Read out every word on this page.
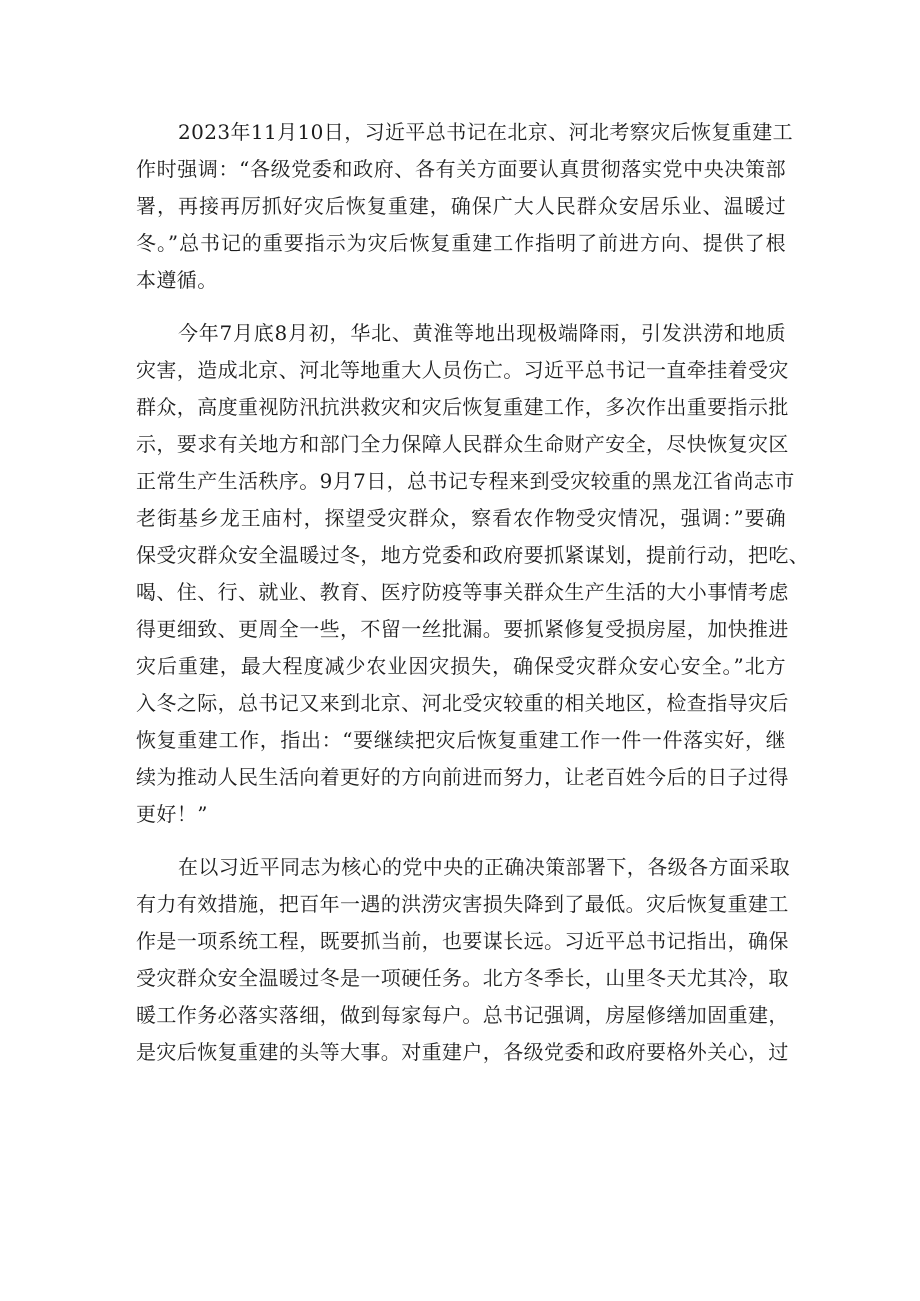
2023年11月10日，习近平总书记在北京、河北考察灾后恢复重建工
作时强调：“各级党委和政府、各有关方面要认真贯彻落实党中央决策部
署，再接再厉抓好灾后恢复重建，确保广大人民群众安居乐业、温暖过
冬。”总书记的重要指示为灾后恢复重建工作指明了前进方向、提供了根
本遵循。
今年7月底8月初，华北、黄淮等地出现极端降雨，引发洪涝和地质
灾害，造成北京、河北等地重大人员伤亡。习近平总书记一直牵挂着受灾
群众，高度重视防汛抗洪救灾和灾后恢复重建工作，多次作出重要指示批
示，要求有关地方和部门全力保障人民群众生命财产安全，尽快恢复灾区
正常生产生活秩序。9月7日，总书记专程来到受灾较重的黑龙江省尚志市
老街基乡龙王庙村，探望受灾群众，察看农作物受灾情况，强调：”要确
保受灾群众安全温暖过冬，地方党委和政府要抓紧谋划，提前行动，把吃、
喝、住、行、就业、教育、医疗防疫等事关群众生产生活的大小事情考虑
得更细致、更周全一些，不留一丝批漏。要抓紧修复受损房屋，加快推进
灾后重建，最大程度减少农业因灾损失，确保受灾群众安心安全。”北方
入冬之际，总书记又来到北京、河北受灾较重的相关地区，检查指导灾后
恢复重建工作，指出：“要继续把灾后恢复重建工作一件一件落实好，继
续为推动人民生活向着更好的方向前进而努力，让老百姓今后的日子过得
更好！”
在以习近平同志为核心的党中央的正确决策部署下，各级各方面采取
有力有效措施，把百年一遇的洪涝灾害损失降到了最低。灾后恢复重建工
作是一项系统工程，既要抓当前，也要谋长远。习近平总书记指出，确保
受灾群众安全温暖过冬是一项硬任务。北方冬季长，山里冬天尤其冷，取
暖工作务必落实落细，做到每家每户。总书记强调，房屋修缮加固重建，
是灾后恢复重建的头等大事。对重建户，各级党委和政府要格外关心，过
